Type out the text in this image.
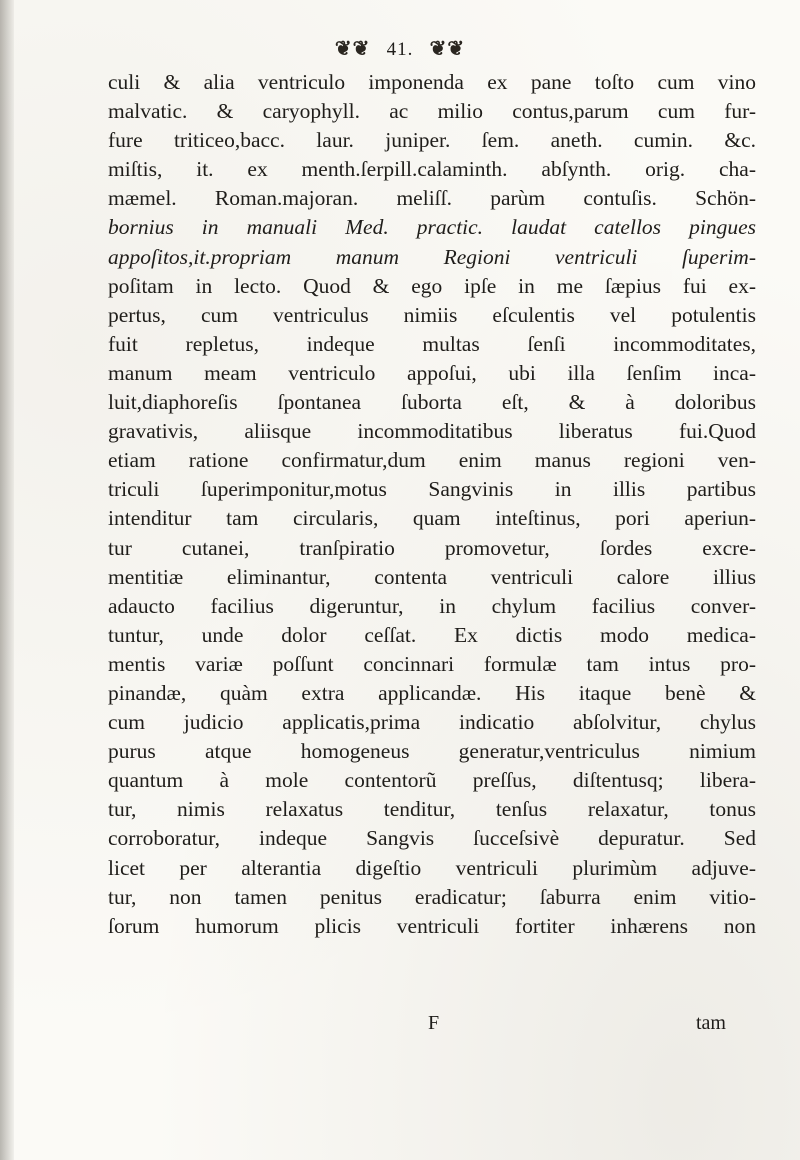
❦❦ 41. ❦❦
culi & alia ventriculo imponenda ex pane toſto cum vino
malvatic. & caryophyll. ac milio contus,parum cum fur-
fure triticeo,bacc. laur. juniper. ſem. aneth. cumin. &c.
miſtis, it. ex menth.ſerpill.calaminth. abſynth. orig. cha-
mæmel. Roman.majoran. meliſſ. parùm contuſis. Schön-
bornius in manuali Med. practic. laudat catellos pingues
appoſitos,it.propriam manum Regioni ventriculi ſuperim-
poſitam in lecto. Quod & ego ipſe in me ſæpius fui ex-
pertus, cum ventriculus nimiis eſculentis vel potulentis
fuit repletus, indeque multas ſenſi incommoditates,
manum meam ventriculo appoſui, ubi illa ſenſim inca-
luit,diaphoreſis ſpontanea ſuborta eſt, & à doloribus
gravativis, aliisque incommoditatibus liberatus fui.Quod
etiam ratione confirmatur,dum enim manus regioni ven-
triculi ſuperimponitur,motus Sangvinis in illis partibus
intenditur tam circularis, quam inteſtinus, pori aperiun-
tur cutanei, tranſpiratio promovetur, ſordes excre-
mentitiæ eliminantur, contenta ventriculi calore illius
adaucto facilius digeruntur, in chylum facilius conver-
tuntur, unde dolor ceſſat. Ex dictis modo medica-
mentis variæ poſſunt concinnari formulæ tam intus pro-
pinandæ, quàm extra applicandæ. His itaque benè &
cum judicio applicatis,prima indicatio abſolvitur, chylus
purus atque homogeneus generatur,ventriculus nimium
quantum à mole contentorũ preſſus, diſtentusq; libera-
tur, nimis relaxatus tenditur, tenſus relaxatur, tonus
corroboratur, indeque Sangvis ſucceſsivè depuratur. Sed
licet per alterantia digeſtio ventriculi plurimùm adjuve-
tur, non tamen penitus eradicatur; ſaburra enim vitio-
ſorum humorum plicis ventriculi fortiter inhærens non
F	tam
